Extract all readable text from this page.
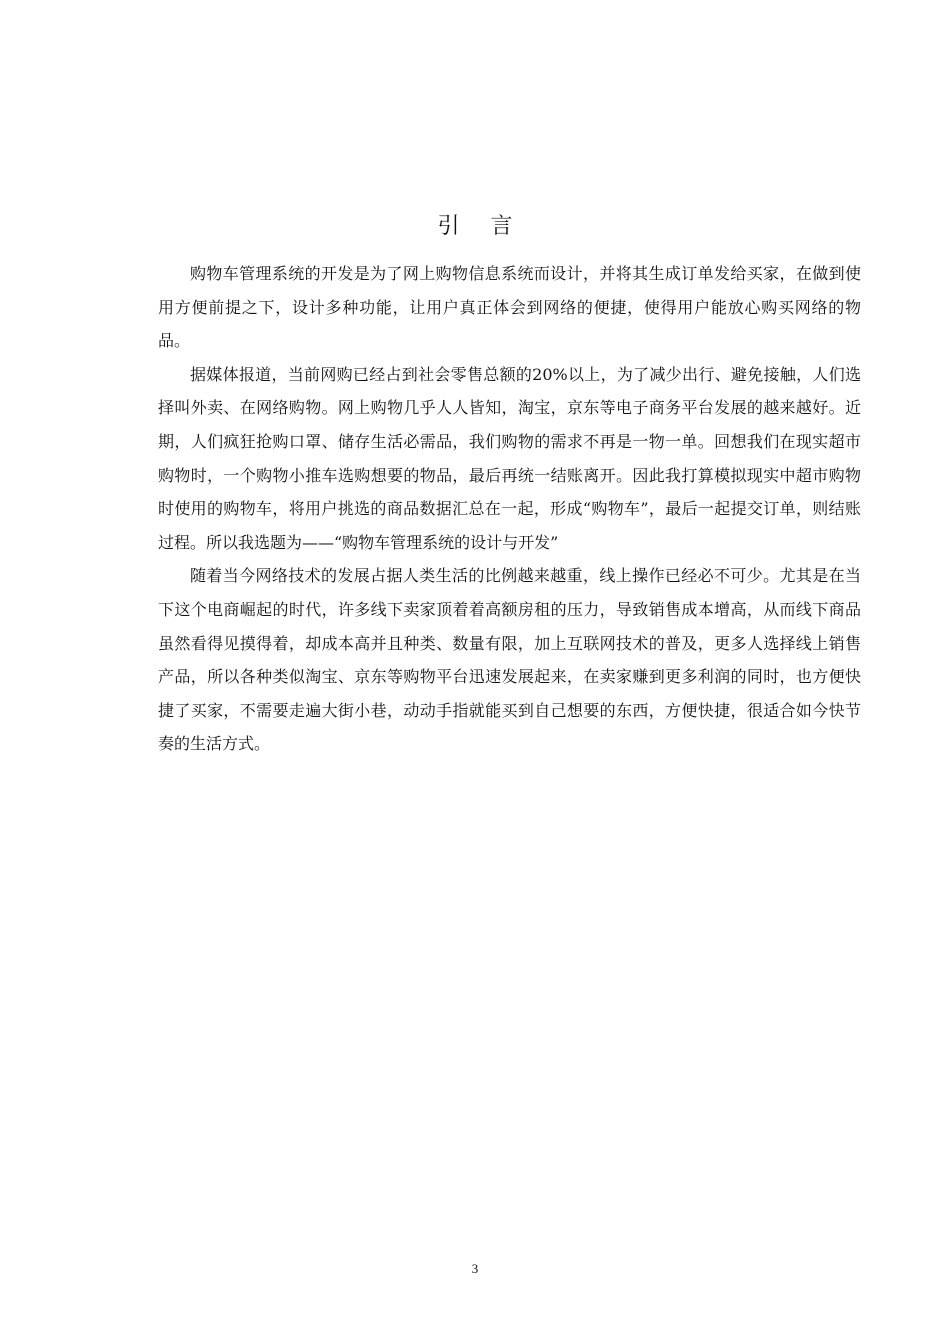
引 言

购物车管理系统的开发是为了网上购物信息系统而设计，并将其生成订单发给买家，在做到使用方便前提之下，设计多种功能，让用户真正体会到网络的便捷，使得用户能放心购买网络的物品。

据媒体报道，当前网购已经占到社会零售总额的20%以上，为了减少出行、避免接触，人们选择叫外卖、在网络购物。网上购物几乎人人皆知，淘宝，京东等电子商务平台发展的越来越好。近期，人们疯狂抢购口罩、储存生活必需品，我们购物的需求不再是一物一单。回想我们在现实超市购物时，一个购物小推车选购想要的物品，最后再统一结账离开。因此我打算模拟现实中超市购物时使用的购物车，将用户挑选的商品数据汇总在一起，形成“购物车”，最后一起提交订单，则结账过程。所以我选题为——“购物车管理系统的设计与开发”

随着当今网络技术的发展占据人类生活的比例越来越重，线上操作已经必不可少。尤其是在当下这个电商崛起的时代，许多线下卖家顶着着高额房租的压力，导致销售成本增高，从而线下商品虽然看得见摸得着，却成本高并且种类、数量有限，加上互联网技术的普及，更多人选择线上销售产品，所以各种类似淘宝、京东等购物平台迅速发展起来，在卖家赚到更多利润的同时，也方便快捷了买家，不需要走遍大街小巷，动动手指就能买到自己想要的东西，方便快捷，很适合如今快节奏的生活方式。

3
